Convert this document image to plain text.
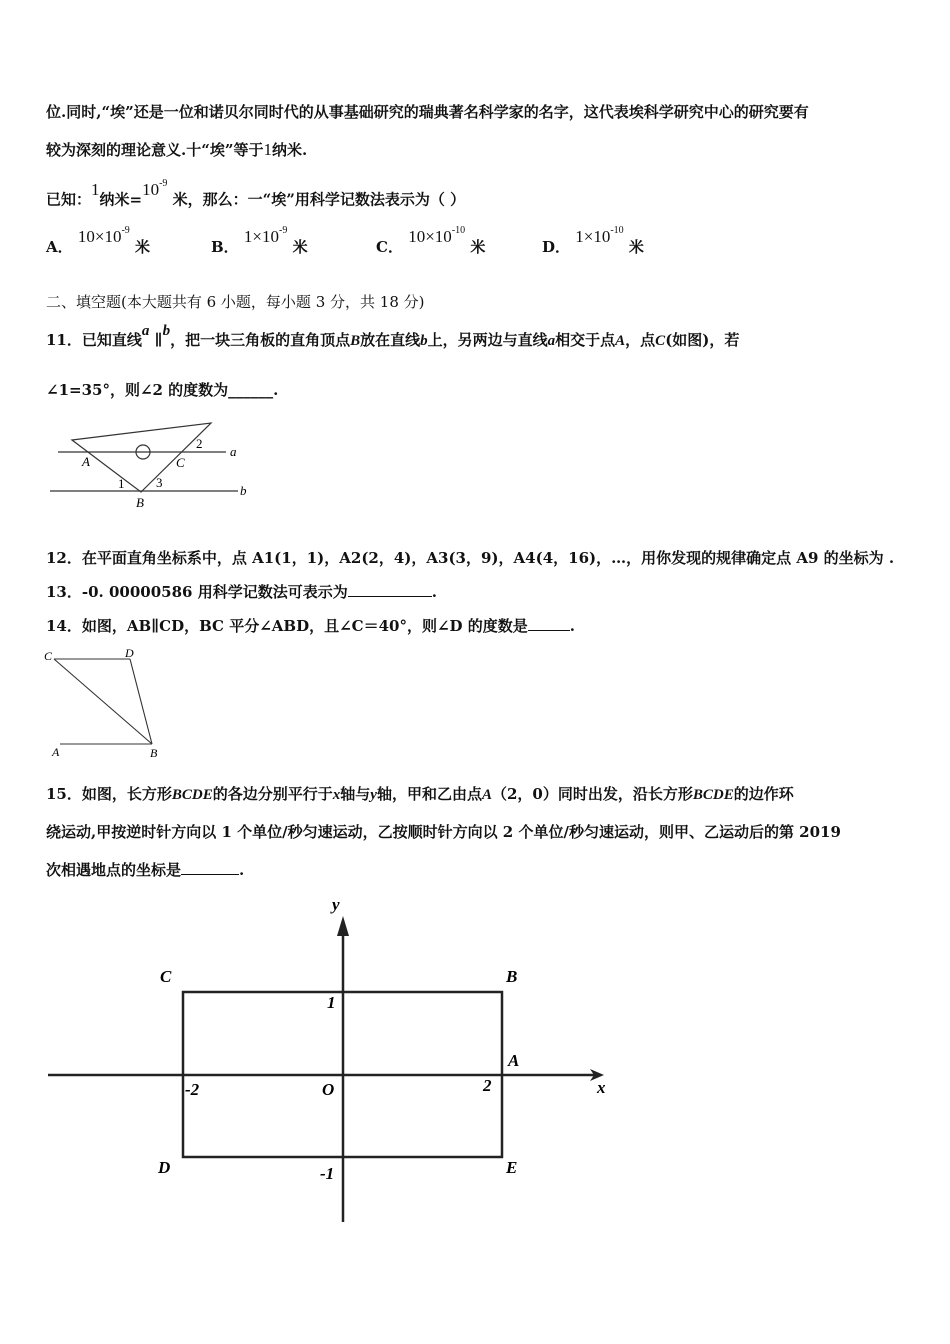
位.同时,“埃”还是一位和诺贝尔同时代的从事基础研究的瑞典著名科学家的名字，这代表埃科学研究中心的研究要有
较为深刻的理论意义.十“埃”等于1纳米.
已知：1纳米$=10^{-9}$ 米，那么：一“埃”用科学记数法表示为（ ）
A． $10\times 10^{-9}$ 米	B． $1\times 10^{-9}$ 米	C． $10\times 10^{-10}$ 米	D． $1\times 10^{-10}$ 米
二、填空题(本大题共有 6 小题，每小题 3 分，共 18 分)
11．已知直线a ∥b，把一块三角板的直角顶点B放在直线b上，另两边与直线a相交于点A，点C(如图)，若
∠1=35°，则∠2 的度数为______.
A	C
B
a
b
1
2
3
12．在平面直角坐标系中，点 A1(1，1)，A2(2，4)，A3(3，9)，A4(4，16)，…，用你发现的规律确定点 A9 的坐标为 .
13．-0. 00000586 用科学记数法可表示为	.
14．如图，AB∥CD，BC 平分∠ABD，且∠C＝40°，则∠D 的度数是	.
C	D
A	B
15．如图，长方形BCDE的各边分别平行于x轴与y轴，甲和乙由点A（2，0）同时出发，沿长方形BCDE的边作环
绕运动,甲按逆时针方向以 1 个单位/秒匀速运动，乙按顺时针方向以 2 个单位/秒匀速运动，则甲、乙运动后的第 2019
次相遇地点的坐标是	.
x
y
C	B
D	E
A
O
1
-1
2
-2
